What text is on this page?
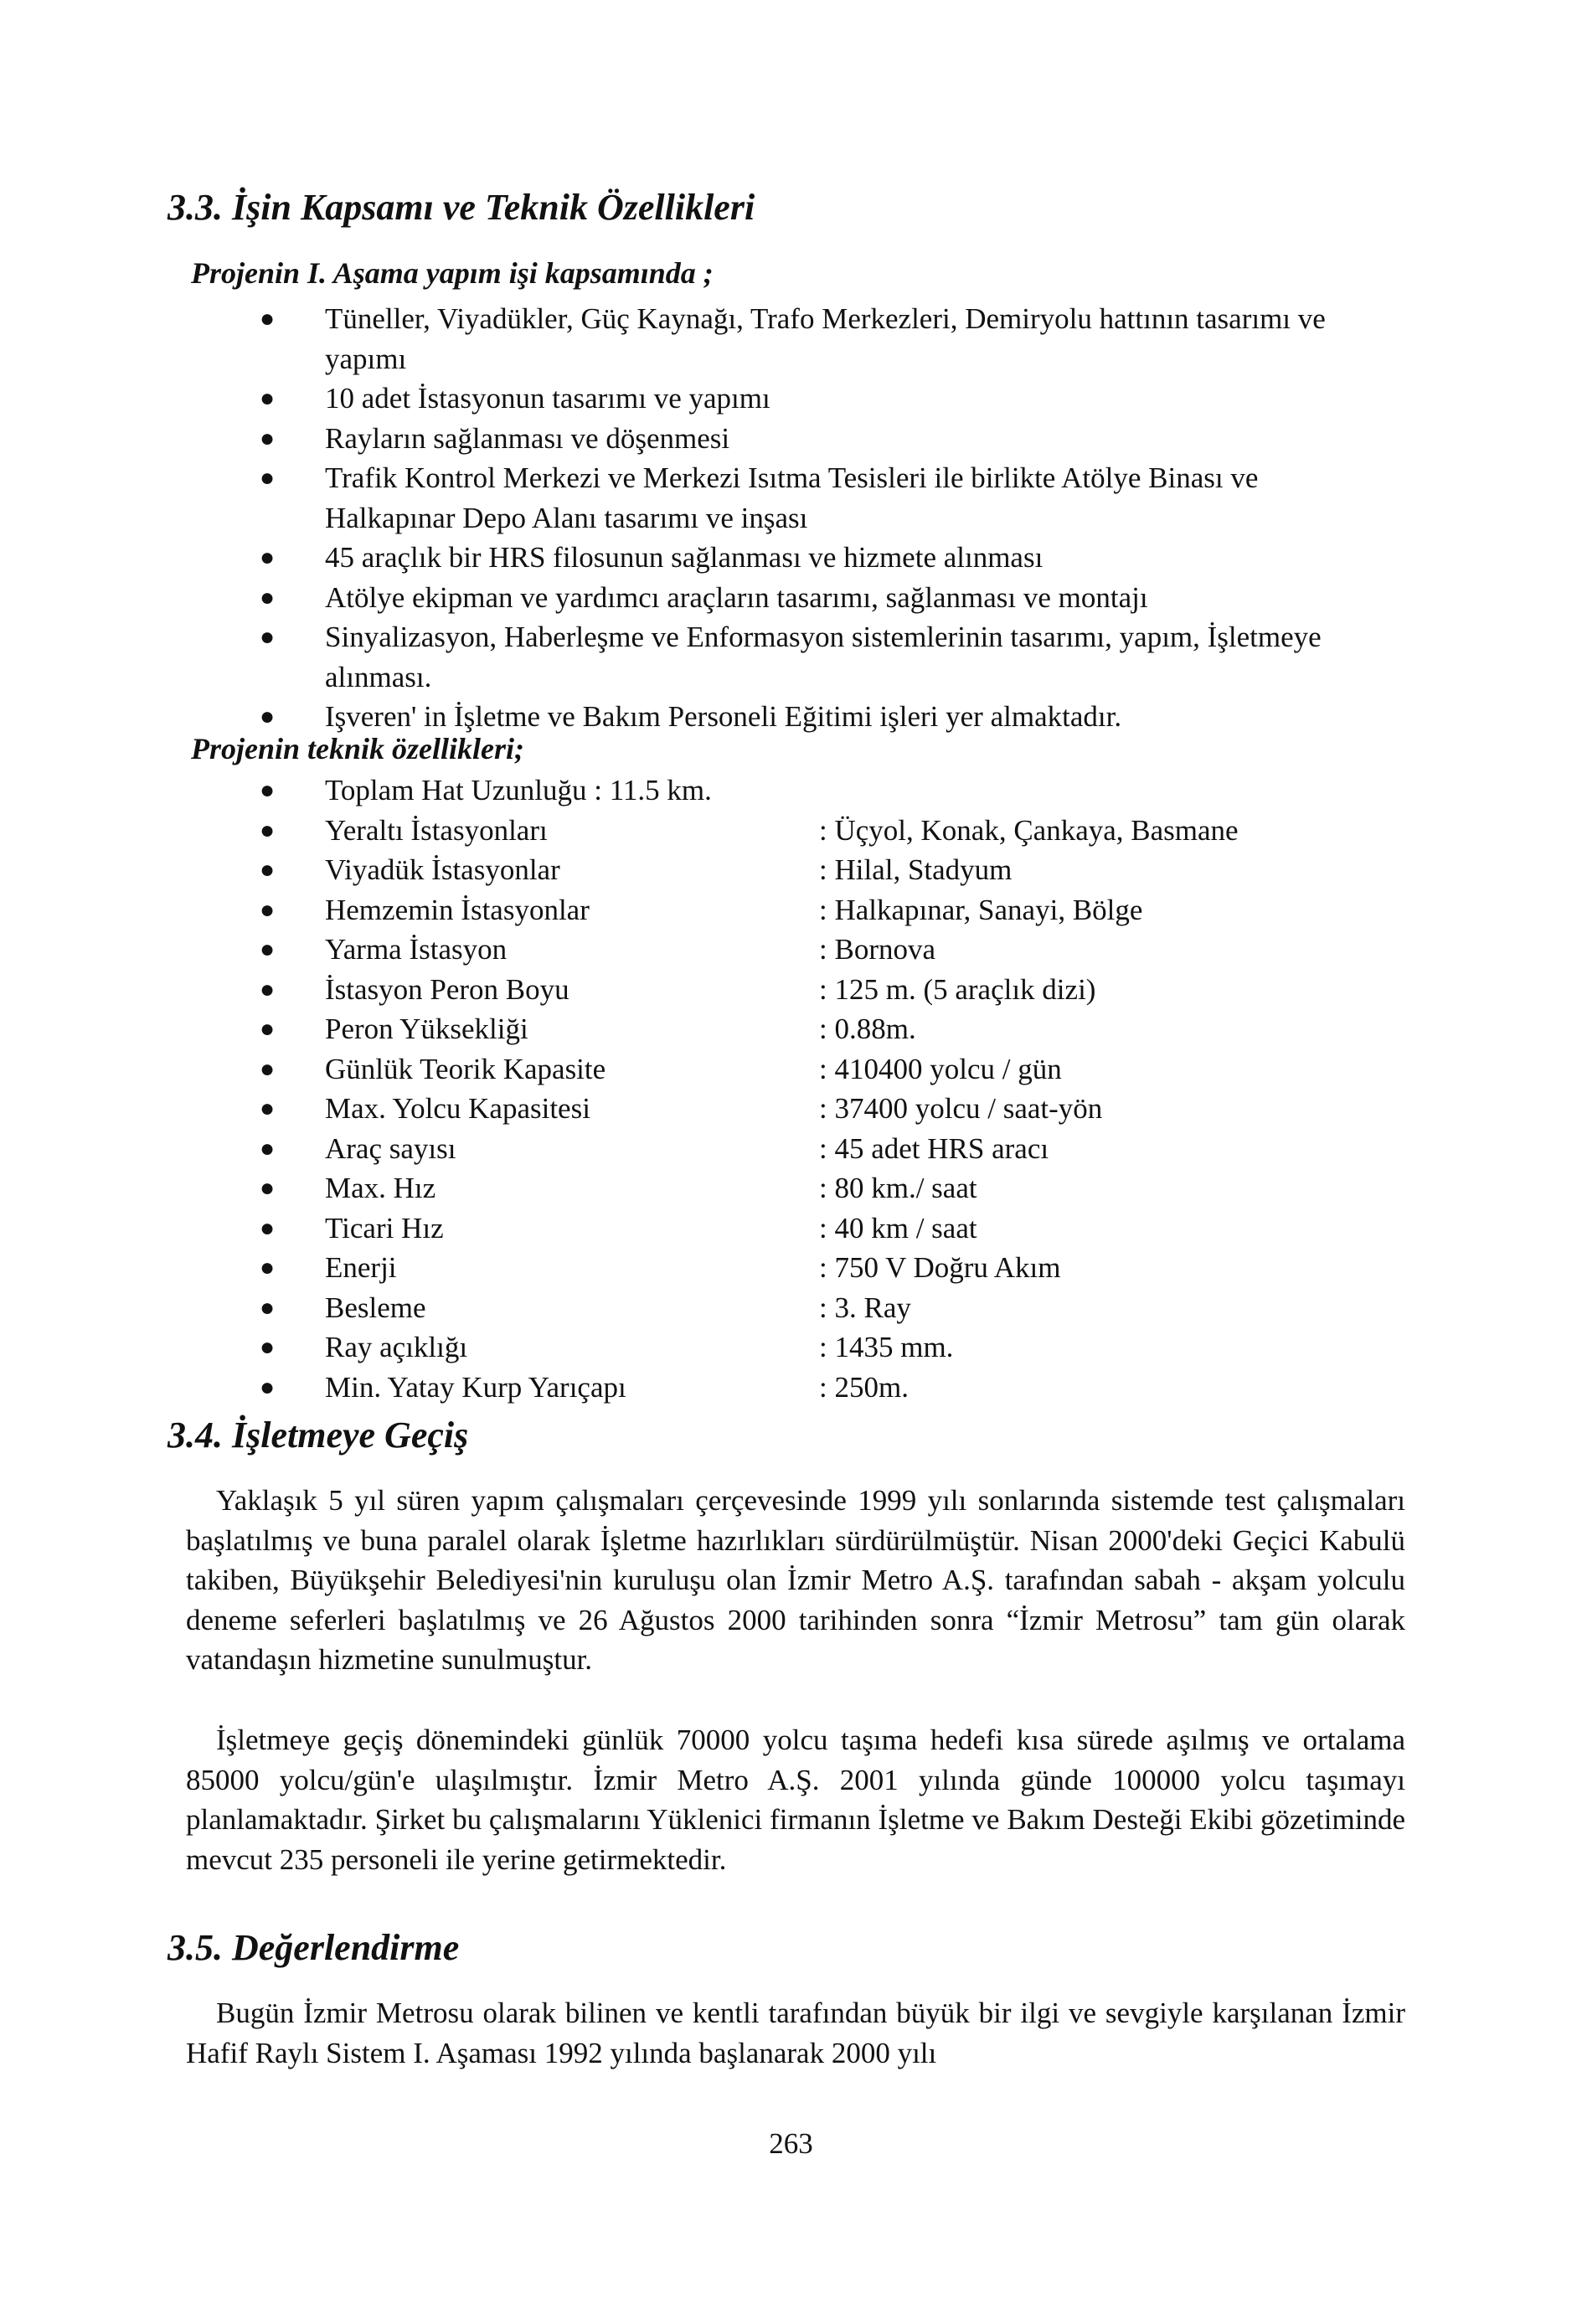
3.3. İşin Kapsamı ve Teknik Özellikleri
Projenin I. Aşama yapım işi kapsamında ;
● Tüneller, Viyadükler, Güç Kaynağı, Trafo Merkezleri, Demiryolu hattının tasarımı ve yapımı
● 10 adet İstasyonun tasarımı ve yapımı
● Rayların sağlanması ve döşenmesi
● Trafik Kontrol Merkezi ve Merkezi Isıtma Tesisleri ile birlikte Atölye Binası ve Halkapınar Depo Alanı tasarımı ve inşası
● 45 araçlık bir HRS filosunun sağlanması ve hizmete alınması
● Atölye ekipman ve yardımcı araçların tasarımı, sağlanması ve montajı
● Sinyalizasyon, Haberleşme ve Enformasyon sistemlerinin tasarımı, yapım, İşletmeye alınması.
● Işveren' in İşletme ve Bakım Personeli Eğitimi işleri yer almaktadır.
Projenin teknik özellikleri;
● Toplam Hat Uzunluğu : 11.5 km.
● Yeraltı İstasyonları	: Üçyol, Konak, Çankaya, Basmane
● Viyadük İstasyonlar	: Hilal, Stadyum
● Hemzemin İstasyonlar	: Halkapınar, Sanayi, Bölge
● Yarma İstasyon	: Bornova
● İstasyon Peron Boyu	: 125 m. (5 araçlık dizi)
● Peron Yüksekliği	: 0.88m.
● Günlük Teorik Kapasite	: 410400 yolcu / gün
● Max. Yolcu Kapasitesi	: 37400 yolcu / saat-yön
● Araç sayısı	: 45 adet HRS aracı
● Max. Hız	: 80 km./ saat
● Ticari Hız	: 40 km / saat
● Enerji	: 750 V Doğru Akım
● Besleme	: 3. Ray
● Ray açıklığı	: 1435 mm.
● Min. Yatay Kurp Yarıçapı	: 250m.
3.4. İşletmeye Geçiş

Yaklaşık 5 yıl süren yapım çalışmaları çerçevesinde 1999 yılı sonlarında sistemde test çalışmaları başlatılmış ve buna paralel olarak İşletme hazırlıkları sürdürülmüştür. Nisan 2000'deki Geçici Kabulü takiben, Büyükşehir Belediyesi'nin kuruluşu olan İzmir Metro A.Ş. tarafından sabah - akşam yolculu deneme seferleri başlatılmış ve 26 Ağustos 2000 tarihinden sonra “İzmir Metrosu” tam gün olarak vatandaşın hizmetine sunulmuştur.

İşletmeye geçiş dönemindeki günlük 70000 yolcu taşıma hedefi kısa sürede aşılmış ve ortalama 85000 yolcu/gün'e ulaşılmıştır. İzmir Metro A.Ş. 2001 yılında günde 100000 yolcu taşımayı planlamaktadır. Şirket bu çalışmalarını Yüklenici firmanın İşletme ve Bakım Desteği Ekibi gözetiminde mevcut 235 personeli ile yerine getirmektedir.

3.5. Değerlendirme

Bugün İzmir Metrosu olarak bilinen ve kentli tarafından büyük bir ilgi ve sevgiyle karşılanan İzmir Hafif Raylı Sistem I. Aşaması 1992 yılında başlanarak 2000 yılı

263
